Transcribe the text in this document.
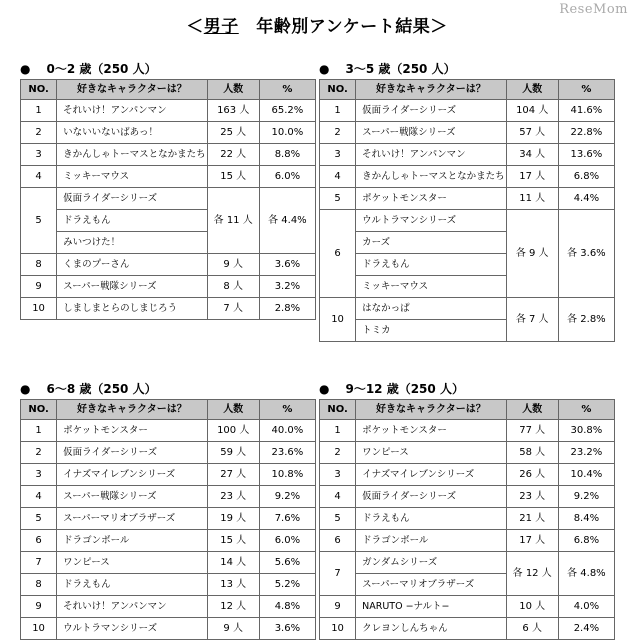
＜男子　年齢別アンケート結果＞
ReseMom
● 0〜2 歳（250 人）
NO.	好きなキャラクターは？	人数	%
1	それいけ！アンパンマン	163 人	65.2%
2	いないいないばあっ！	25 人	10.0%
3	きかんしゃトーマスとなかまたち	22 人	8.8%
4	ミッキーマウス	15 人	6.0%
5	仮面ライダーシリーズ	各 11 人	各 4.4%
	ドラえもん		
	みいつけた！		
8	くまのプーさん	9 人	3.6%
9	スーパー戦隊シリーズ	8 人	3.2%
10	しましまとらのしまじろう	7 人	2.8%
● 3〜5 歳（250 人）
NO.	好きなキャラクターは？	人数	%
1	仮面ライダーシリーズ	104 人	41.6%
2	スーパー戦隊シリーズ	57 人	22.8%
3	それいけ！アンパンマン	34 人	13.6%
4	きかんしゃトーマスとなかまたち	17 人	6.8%
5	ポケットモンスター	11 人	4.4%
6	ウルトラマンシリーズ	各 9 人	各 3.6%
	カーズ		
	ドラえもん		
	ミッキーマウス		
10	はなかっぱ	各 7 人	各 2.8%
	トミカ		
● 6〜8 歳（250 人）
NO.	好きなキャラクターは？	人数	%
1	ポケットモンスター	100 人	40.0%
2	仮面ライダーシリーズ	59 人	23.6%
3	イナズマイレブンシリーズ	27 人	10.8%
4	スーパー戦隊シリーズ	23 人	9.2%
5	スーパーマリオブラザーズ	19 人	7.6%
6	ドラゴンボール	15 人	6.0%
7	ワンピース	14 人	5.6%
8	ドラえもん	13 人	5.2%
9	それいけ！アンパンマン	12 人	4.8%
10	ウルトラマンシリーズ	9 人	3.6%
● 9〜12 歳（250 人）
NO.	好きなキャラクターは？	人数	%
1	ポケットモンスター	77 人	30.8%
2	ワンピース	58 人	23.2%
3	イナズマイレブンシリーズ	26 人	10.4%
4	仮面ライダーシリーズ	23 人	9.2%
5	ドラえもん	21 人	8.4%
6	ドラゴンボール	17 人	6.8%
7	ガンダムシリーズ	各 12 人	各 4.8%
	スーパーマリオブラザーズ		
9	NARUTO −ナルト−	10 人	4.0%
10	クレヨンしんちゃん	6 人	2.4%
